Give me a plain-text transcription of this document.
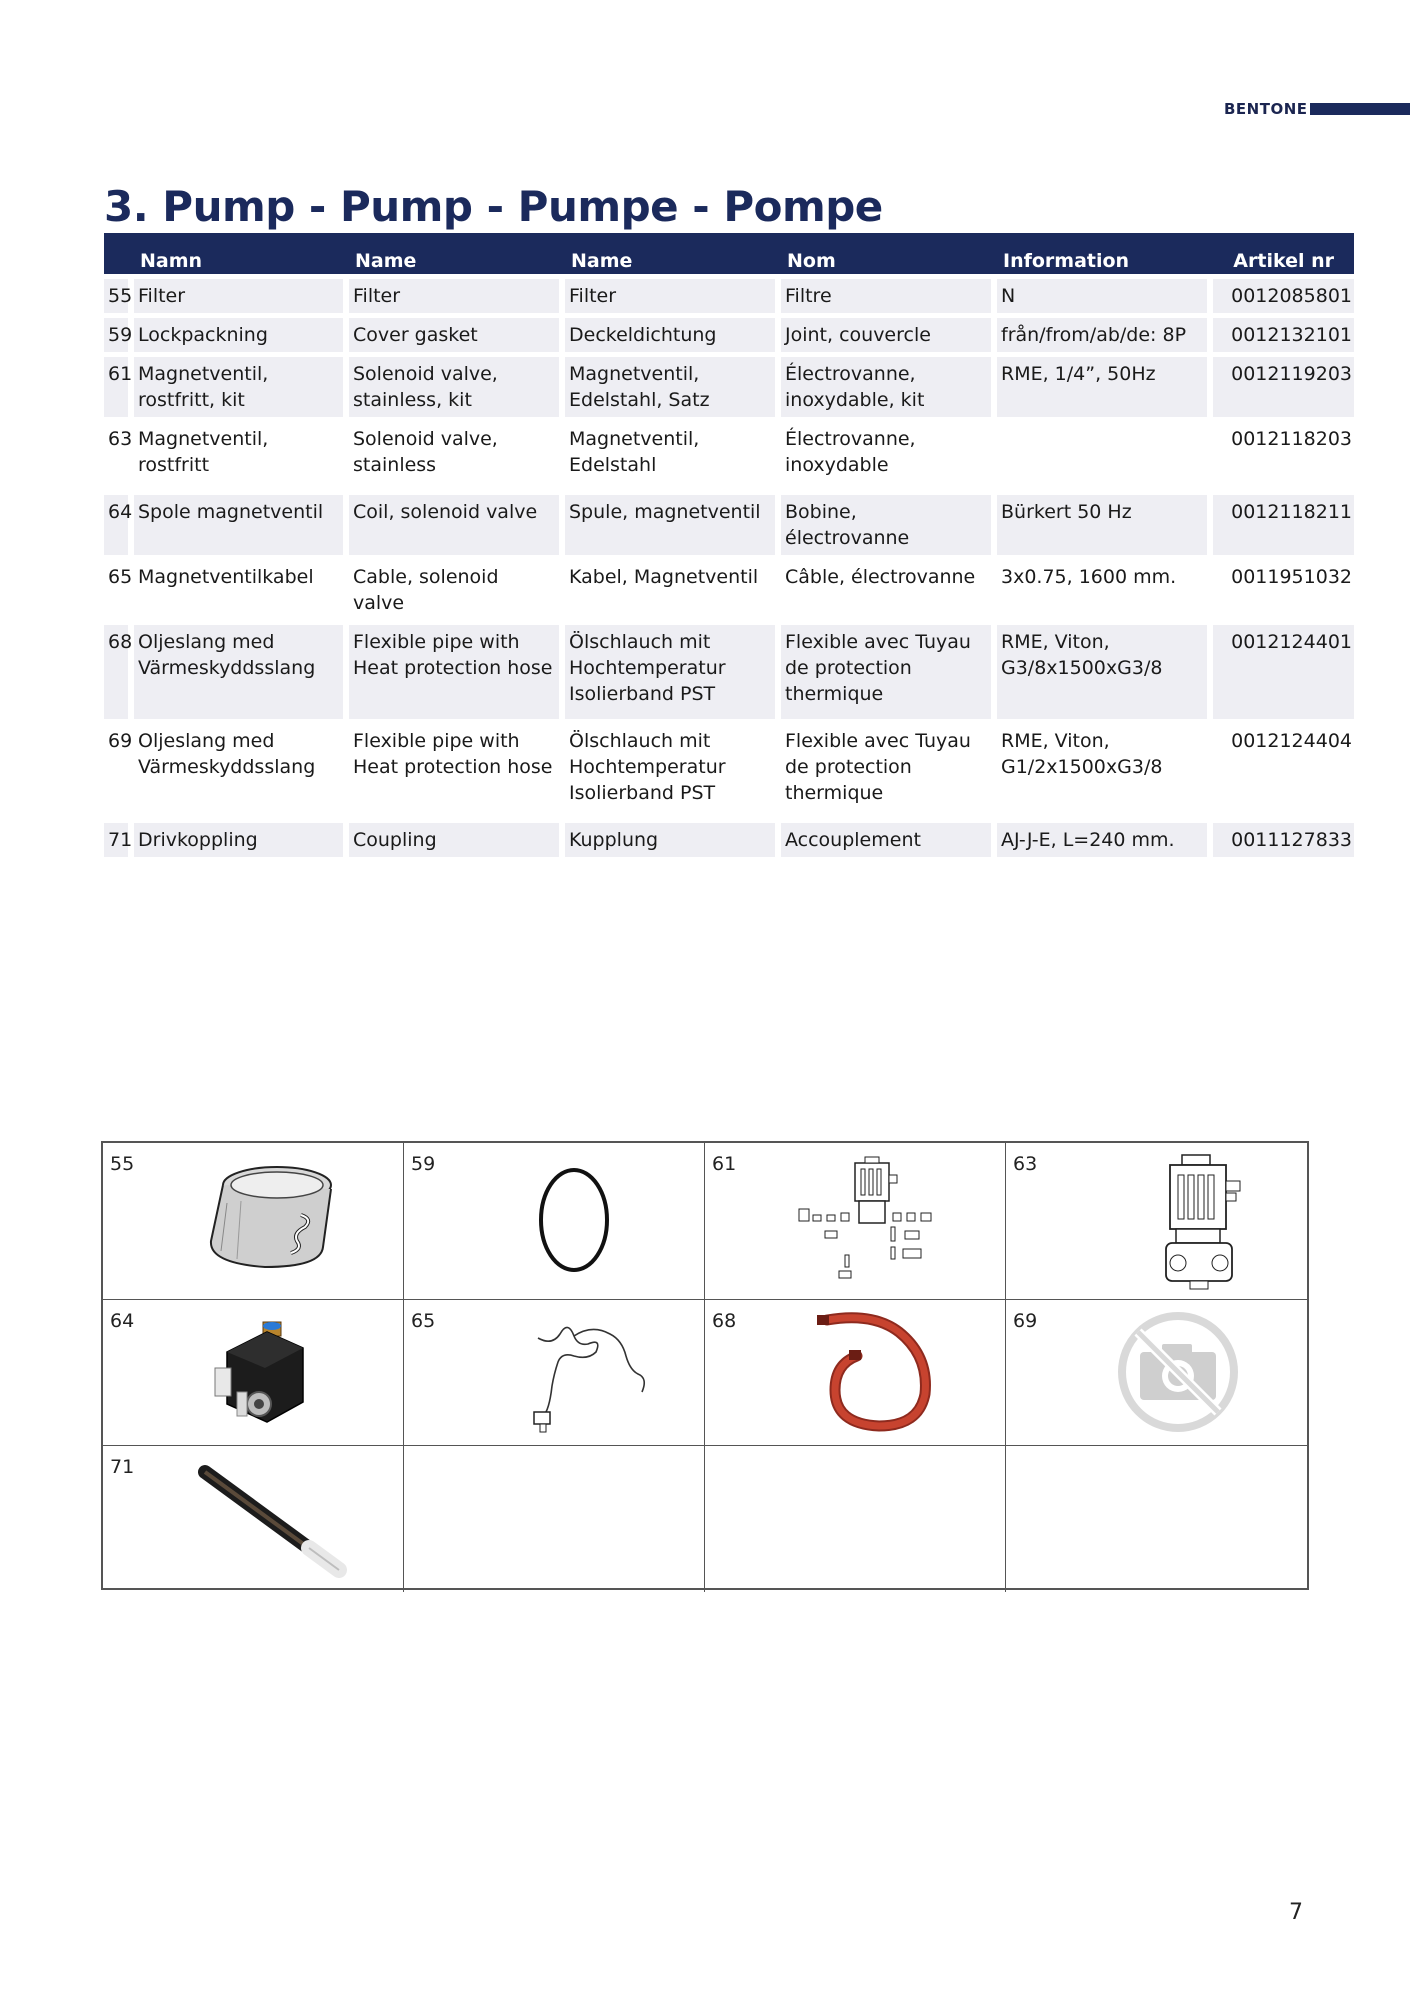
BENTONE
3. Pump - Pump - Pumpe - Pompe
	Namn	Name	Name	Nom	Information	Artikel nr
55	Filter	Filter	Filter	Filtre	N	0012085801
59	Lockpackning	Cover gasket	Deckeldichtung	Joint, couvercle	från/from/ab/de: 8P	0012132101
61	Magnetventil, rostfritt, kit	Solenoid valve, stainless, kit	Magnetventil, Edelstahl, Satz	Électrovanne, inoxydable, kit	RME, 1/4”, 50Hz	0012119203
63	Magnetventil, rostfritt	Solenoid valve, stainless	Magnetventil, Edelstahl	Électrovanne, inoxydable		0012118203
64	Spole magnetventil	Coil, solenoid valve	Spule, magnetventil	Bobine, électrovanne	Bürkert 50 Hz	0012118211
65	Magnetventilkabel	Cable, solenoid valve	Kabel, Magnetventil	Câble, électrovanne	3x0.75, 1600 mm.	0011951032
68	Oljeslang med Värmeskyddsslang	Flexible pipe with Heat protection hose	Ölschlauch mit Hochtemperatur Isolierband PST	Flexible avec Tuyau de protection thermique	RME, Viton, G3/8x1500xG3/8	0012124401
69	Oljeslang med Värmeskyddsslang	Flexible pipe with Heat protection hose	Ölschlauch mit Hochtemperatur Isolierband PST	Flexible avec Tuyau de protection thermique	RME, Viton, G1/2x1500xG3/8	0012124404
71	Drivkoppling	Coupling	Kupplung	Accouplement	AJ-J-E, L=240 mm.	0011127833
55	59	61	63
64	65	68	69
71
7
